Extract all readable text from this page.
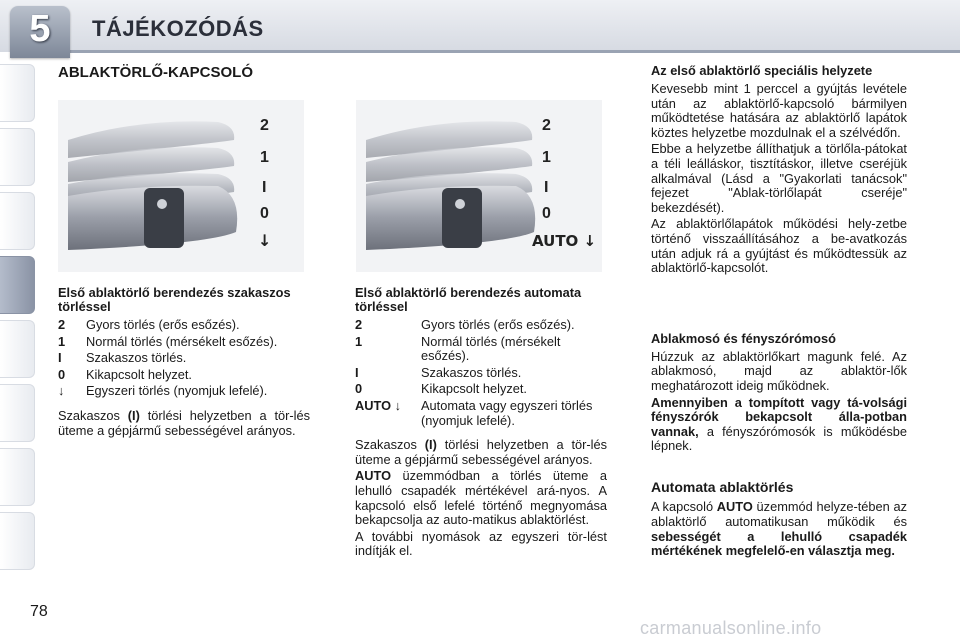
5	TÁJÉKOZÓDÁS
ABLAKTÖRLŐ-KAPCSOLÓ
2
1
I
0
↓
2
1
I
0
AUTO ↓
Első ablaktörlő berendezés szakaszos törléssel
2	Gyors törlés (erős esőzés).
1	Normál törlés (mérsékelt esőzés).
I	Szakaszos törlés.
0	Kikapcsolt helyzet.
↓	Egyszeri törlés (nyomjuk lefelé).

Szakaszos (I) törlési helyzetben a tör-lés üteme a gépjármű sebességével arányos.

Első ablaktörlő berendezés automata törléssel
2	Gyors törlés (erős esőzés).
1	Normál törlés (mérsékelt esőzés).
I	Szakaszos törlés.
0	Kikapcsolt helyzet.
AUTO ↓	Automata vagy egyszeri törlés (nyomjuk lefelé).

Szakaszos (I) törlési helyzetben a tör-lés üteme a gépjármű sebességével arányos.

AUTO üzemmódban a törlés üteme a lehulló csapadék mértékével ará-nyos. A kapcsoló első lefelé történő megnyomása bekapcsolja az auto-matikus ablaktörlést.

A további nyomások az egyszeri tör-lést indítják el.

Az első ablaktörlő speciális helyzete

Kevesebb mint 1 perccel a gyújtás levétele után az ablaktörlő-kapcsoló bármilyen működtetése hatására az ablaktörlő lapátok köztes helyzetbe mozdulnak el a szélvédőn.

Ebbe a helyzetbe állíthatjuk a törlőla-pátokat a téli leálláskor, tisztításkor, illetve cseréjük alkalmával (Lásd a "Gyakorlati tanácsok" fejezet "Ablak-törlőlapát cseréje" bekezdését).

Az ablaktörlőlapátok működési hely-zetbe történő visszaállításához a be-avatkozás után adjuk rá a gyújtást és működtessük az ablaktörlő-kapcsolót.

Ablakmosó és fényszórómosó

Húzzuk az ablaktörlőkart magunk felé. Az ablakmosó, majd az ablaktör-lők meghatározott ideig működnek.

Amennyiben a tompított vagy tá-volsági fényszórók bekapcsolt álla-potban vannak, a fényszórómosók is működésbe lépnek.

Automata ablaktörlés

A kapcsoló AUTO üzemmód helyze-tében az ablaktörlő automatikusan működik és sebességét a lehulló csapadék mértékének megfelelő-en választja meg.

78
carmanualsonline.info
